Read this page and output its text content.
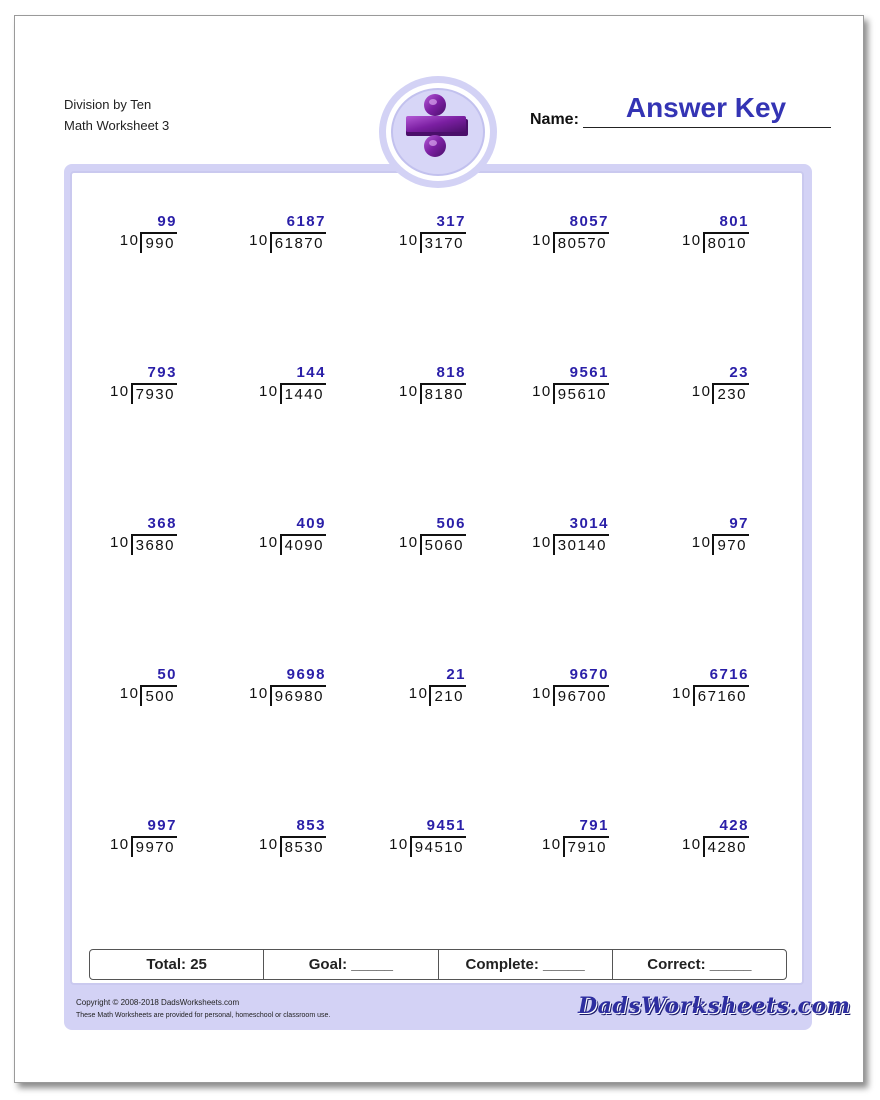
Division by Ten
Math Worksheet 3	Name:	Answer Key
99
10 990
6187
10 61870
317
10 3170
8057
10 80570
801
10 8010
793
10 7930
144
10 1440
818
10 8180
9561
10 95610
23
10 230
368
10 3680
409
10 4090
506
10 5060
3014
10 30140
97
10 970
50
10 500
9698
10 96980
21
10 210
9670
10 96700
6716
10 67160
997
10 9970
853
10 8530
9451
10 94510
791
10 7910
428
10 4280
Total: 25	Goal: _____	Complete: _____	Correct: _____
Copyright © 2008-2018 DadsWorksheets.com
These Math Worksheets are provided for personal, homeschool or classroom use.	DadsWorksheets.com
